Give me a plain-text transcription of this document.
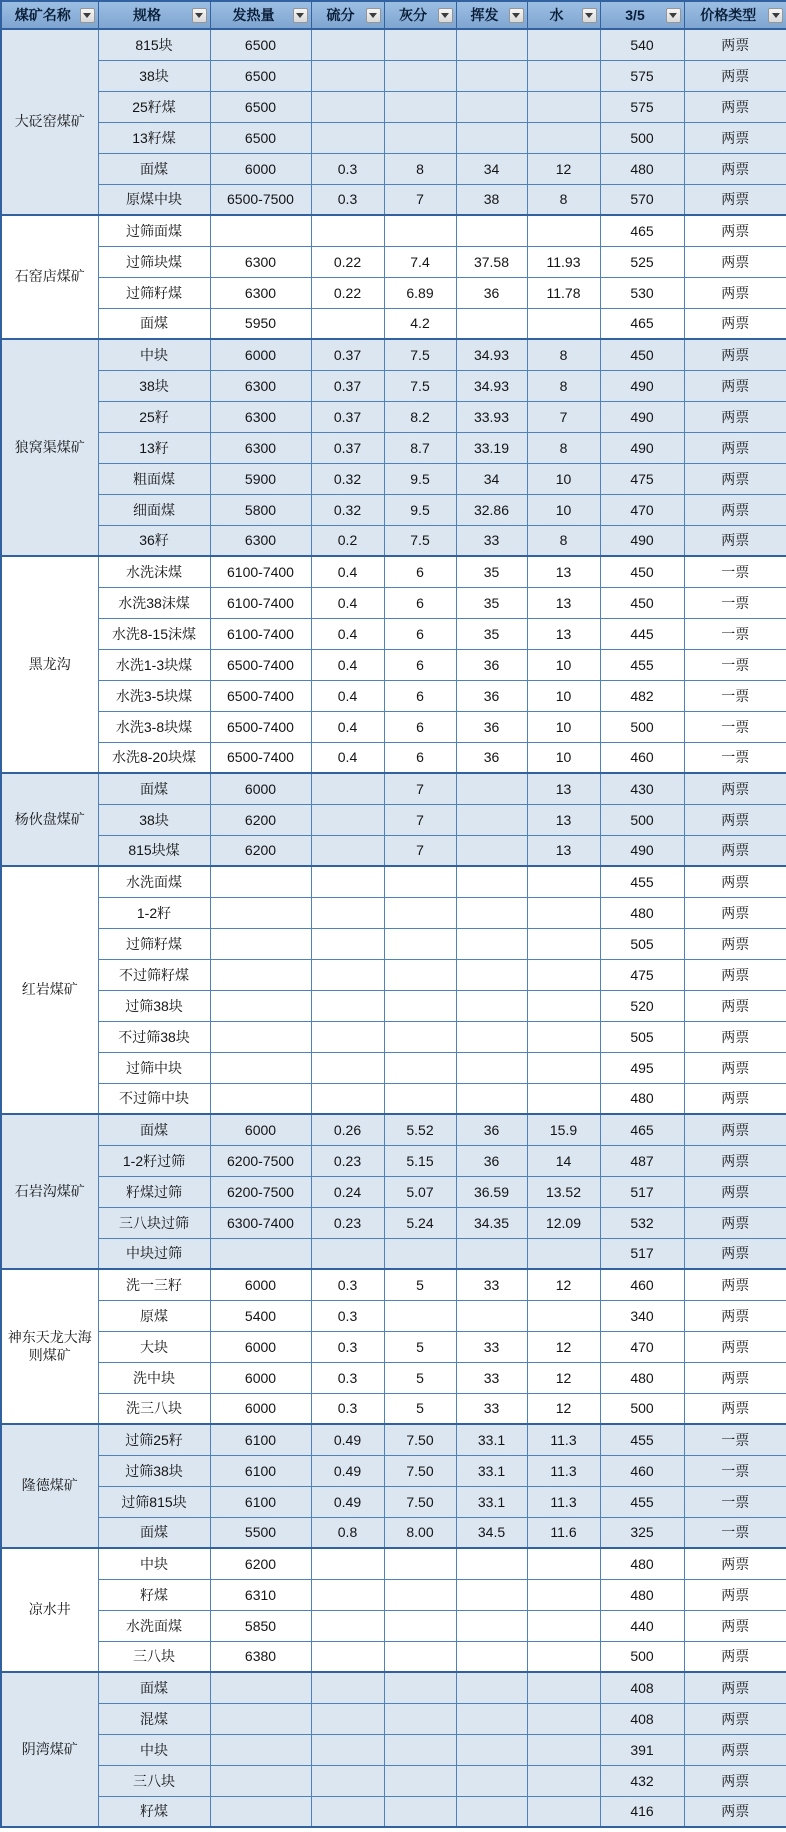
煤矿名称	规格	发热量	硫分	灰分	挥发	水	3/5	价格类型

大砭窑煤矿	815块	6500					540	两票
	38块	6500					575	两票
	25籽煤	6500					575	两票
	13籽煤	6500					500	两票
	面煤	6000	0.3	8	34	12	480	两票
	原煤中块	6500-7500	0.3	7	38	8	570	两票
石窑店煤矿	过筛面煤						465	两票
	过筛块煤	6300	0.22	7.4	37.58	11.93	525	两票
	过筛籽煤	6300	0.22	6.89	36	11.78	530	两票
	面煤	5950		4.2			465	两票
狼窝渠煤矿	中块	6000	0.37	7.5	34.93	8	450	两票
	38块	6300	0.37	7.5	34.93	8	490	两票
	25籽	6300	0.37	8.2	33.93	7	490	两票
	13籽	6300	0.37	8.7	33.19	8	490	两票
	粗面煤	5900	0.32	9.5	34	10	475	两票
	细面煤	5800	0.32	9.5	32.86	10	470	两票
	36籽	6300	0.2	7.5	33	8	490	两票
黑龙沟	水洗沫煤	6100-7400	0.4	6	35	13	450	一票
	水洗38沫煤	6100-7400	0.4	6	35	13	450	一票
	水洗8-15沫煤	6100-7400	0.4	6	35	13	445	一票
	水洗1-3块煤	6500-7400	0.4	6	36	10	455	一票
	水洗3-5块煤	6500-7400	0.4	6	36	10	482	一票
	水洗3-8块煤	6500-7400	0.4	6	36	10	500	一票
	水洗8-20块煤	6500-7400	0.4	6	36	10	460	一票
杨伙盘煤矿	面煤	6000		7		13	430	两票
	38块	6200		7		13	500	两票
	815块煤	6200		7		13	490	两票
红岩煤矿	水洗面煤						455	两票
	1-2籽						480	两票
	过筛籽煤						505	两票
	不过筛籽煤						475	两票
	过筛38块						520	两票
	不过筛38块						505	两票
	过筛中块						495	两票
	不过筛中块						480	两票
石岩沟煤矿	面煤	6000	0.26	5.52	36	15.9	465	两票
	1-2籽过筛	6200-7500	0.23	5.15	36	14	487	两票
	籽煤过筛	6200-7500	0.24	5.07	36.59	13.52	517	两票
	三八块过筛	6300-7400	0.23	5.24	34.35	12.09	532	两票
	中块过筛						517	两票
神东天龙大海则煤矿	洗一三籽	6000	0.3	5	33	12	460	两票
	原煤	5400	0.3				340	两票
	大块	6000	0.3	5	33	12	470	两票
	洗中块	6000	0.3	5	33	12	480	两票
	洗三八块	6000	0.3	5	33	12	500	两票
隆德煤矿	过筛25籽	6100	0.49	7.50	33.1	11.3	455	一票
	过筛38块	6100	0.49	7.50	33.1	11.3	460	一票
	过筛815块	6100	0.49	7.50	33.1	11.3	455	一票
	面煤	5500	0.8	8.00	34.5	11.6	325	一票
凉水井	中块	6200					480	两票
	籽煤	6310					480	两票
	水洗面煤	5850					440	两票
	三八块	6380					500	两票
阴湾煤矿	面煤						408	两票
	混煤						408	两票
	中块						391	两票
	三八块						432	两票
	籽煤						416	两票
